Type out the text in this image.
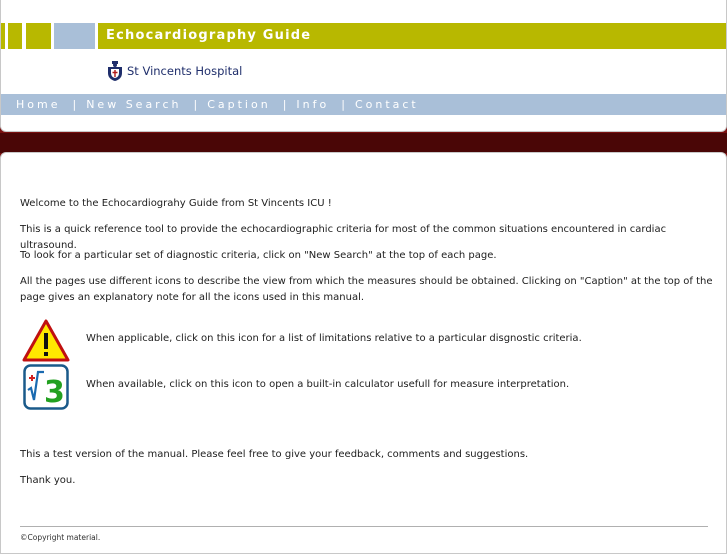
Echocardiography Guide
St Vincents Hospital
Home | New Search | Caption | Info | Contact

Welcome to the Echocardiograhy Guide from St Vincents ICU !

This is a quick reference tool to provide the echocardiographic criteria for most of the common situations encountered in cardiac ultrasound.

To look for a particular set of diagnostic criteria, click on "New Search" at the top of each page.

All the pages use different icons to describe the view from which the measures should be obtained. Clicking on "Caption" at the top of the

page gives an explanatory note for all the icons used in this manual.

When applicable, click on this icon for a list of limitations relative to a particular disgnostic criteria.

3 When available, click on this icon to open a built-in calculator usefull for measure interpretation.

This a test version of the manual. Please feel free to give your feedback, comments and suggestions.

Thank you.

©Copyright material.
